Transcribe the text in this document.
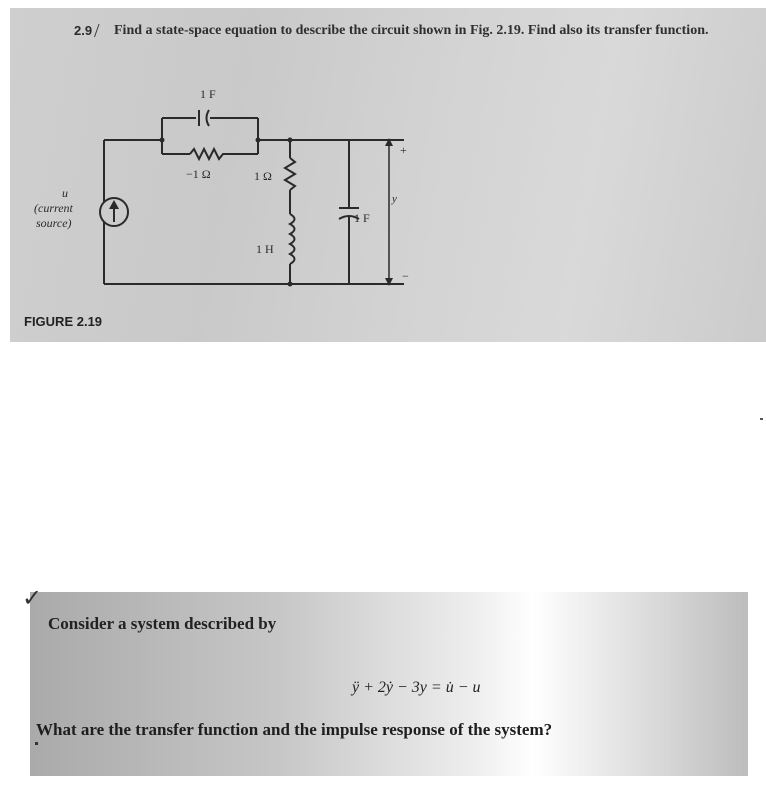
2.9 / Find a state-space equation to describe the circuit shown in Fig. 2.19. Find also its transfer function.
1 F
−1 Ω	1 Ω
1 H
1 F
y
+
−
u
(current
source)
FIGURE 2.19
✓
Consider a system described by
ÿ + 2ẏ − 3y = u̇ − u
What are the transfer function and the impulse response of the system?
